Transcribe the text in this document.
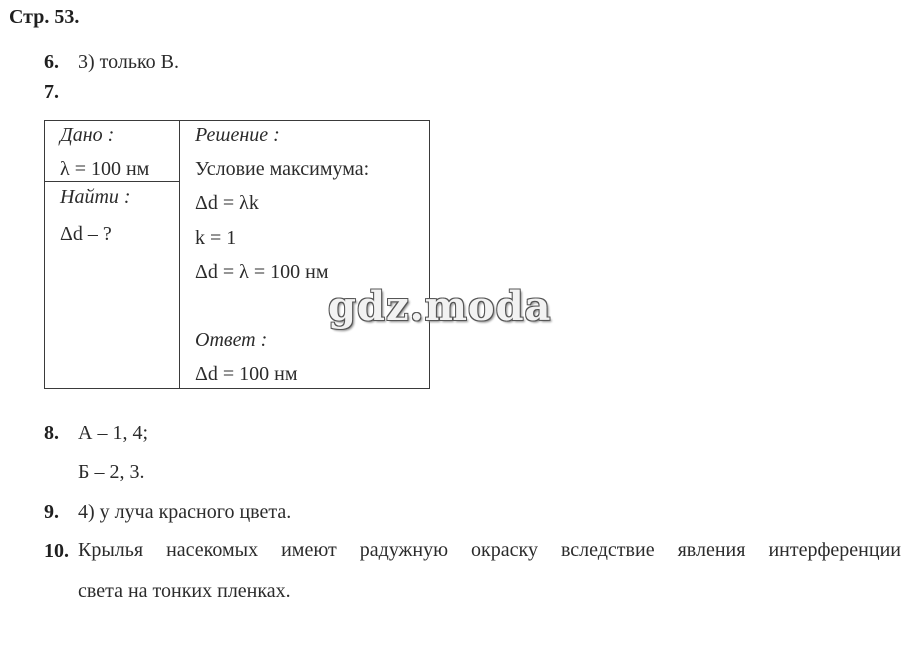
Стр. 53.
6. 3) только В.
7.
Дано :
λ = 100 нм
Найти :
Δd – ?
Решение :
Условие максимума:
Δd = λk
k = 1
Δd = λ = 100 нм
Ответ :
Δd = 100 нм
gdz.moda
8. А – 1, 4;
Б – 2, 3.
9. 4) у луча красного цвета.
10. Крылья насекомых имеют радужную окраску вследствие явления интерференции
света на тонких пленках.
